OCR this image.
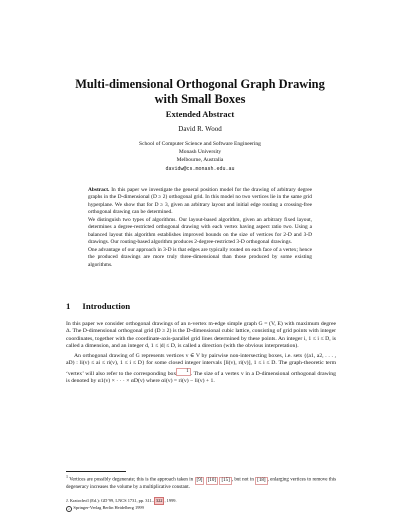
Multi-dimensional Orthogonal Graph Drawing
with Small Boxes
Extended Abstract
David R. Wood
School of Computer Science and Software Engineering
Monash University
Melbourne, Australia
davidw@cs.monash.edu.au

Abstract. In this paper we investigate the general position model for the drawing of arbitrary degree graphs in the D-dimensional (D ≥ 2) orthogonal grid. In this model no two vertices lie in the same grid hyperplane. We show that for D ≥ 3, given an arbitrary layout and initial edge routing a crossing-free orthogonal drawing can be determined.

We distinguish two types of algorithms. Our layout-based algorithm, given an arbitrary fixed layout, determines a degree-restricted orthogonal drawing with each vertex having aspect ratio two. Using a balanced layout this algorithm establishes improved bounds on the size of vertices for 2-D and 3-D drawings. Our routing-based algorithm produces 2-degree-restricted 3-D orthogonal drawings.

One advantage of our approach in 3-D is that edges are typically routed on each face of a vertex; hence the produced drawings are more truly three-dimensional than those produced by some existing algorithms.

1 Introduction

In this paper we consider orthogonal drawings of an n-vertex m-edge simple graph G = (V, E) with maximum degree Δ. The D-dimensional orthogonal grid (D ≥ 2) is the D-dimensional cubic lattice, consisting of grid points with integer coordinates, together with the coordinate-axis-parallel grid lines determined by these points. An integer i, 1 ≤ i ≤ D, is called a dimension, and an integer d, 1 ≤ |d| ≤ D, is called a direction (with the obvious interpretation).

An orthogonal drawing of G represents vertices v ∈ V by pairwise non-intersecting boxes, i.e. sets {(a1, a2, . . . , aD) : li(v) ≤ ai ≤ ri(v), 1 ≤ i ≤ D} for some closed integer intervals [li(v), ri(v)], 1 ≤ i ≤ D. The graph-theoretic term ‘vertex’ will also refer to the corresponding box $^1$ . The size of a vertex v in a D-dimensional orthogonal drawing is denoted by α1(v) × · · · × αD(v) where αi(v) = ri(v) − li(v) + 1.

$^1$ Vertices are possibly degenerate; this is the approach taken in [9] [10] [15] , but not in [18] , enlarging vertices to remove this degeneracy increases the volume by a multiplicative constant.
J. Kratochvíl (Ed.): GD’99, LNCS 1731, pp. 311– 322 , 1999.
c Springer-Verlag Berlin Heidelberg 1999
